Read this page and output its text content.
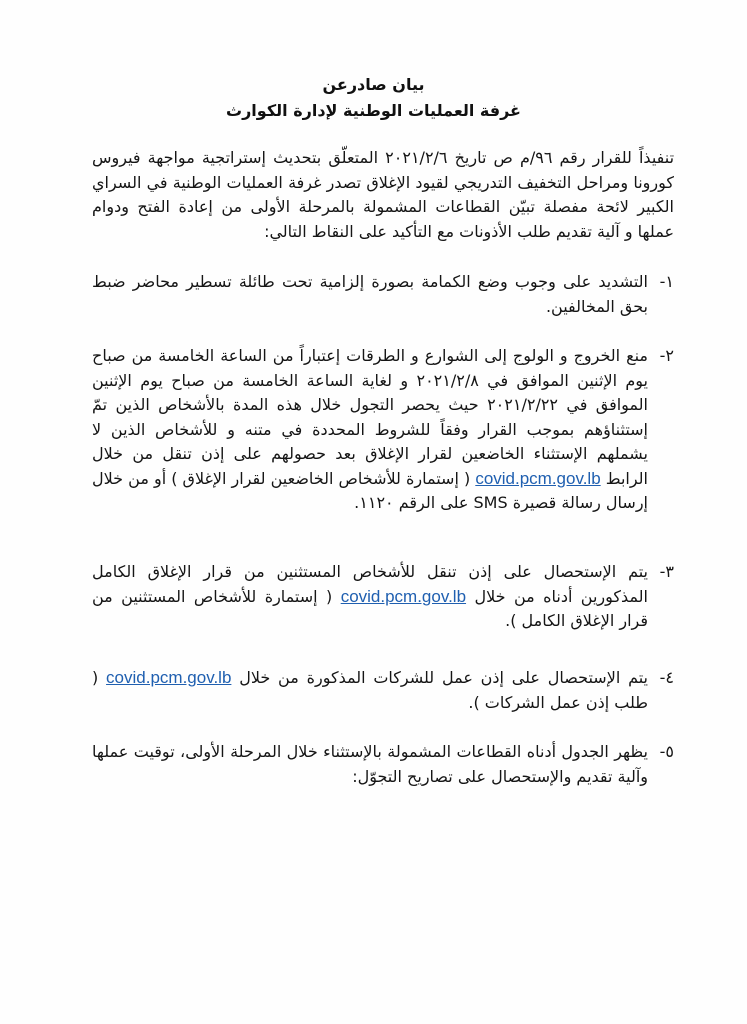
بيان صادرعن
غرفة العمليات الوطنية لإدارة الكوارث
تنفيذاً للقرار رقم ٩٦/م ص تاريخ ٢٠٢١/٢/٦ المتعلّق بتحديث إستراتجية مواجهة فيروس كورونا ومراحل التخفيف التدريجي لقيود الإغلاق تصدر غرفة العمليات الوطنية في السراي الكبير لائحة مفصلة تبيّن القطاعات المشمولة بالمرحلة الأولى من إعادة الفتح ودوام عملها و آلية تقديم طلب الأذونات مع التأكيد على النقاط التالي:
١-
التشديد على وجوب وضع الكمامة بصورة إلزامية تحت طائلة تسطير محاضر ضبط بحق المخالفين.
٢-
منع الخروج و الولوج إلى الشوارع و الطرقات إعتباراً من الساعة الخامسة من صباح يوم الإثنين الموافق في ٢٠٢١/٢/٨ و لغاية الساعة الخامسة من صباح يوم الإثنين الموافق في ٢٠٢١/٢/٢٢ حيث يحصر التجول خلال هذه المدة بالأشخاص الذين تمّ إستثناؤهم بموجب القرار وفقاً للشروط المحددة في متنه و للأشخاص الذين لا يشملهم الإستثناء الخاضعين لقرار الإغلاق بعد حصولهم على إذن تنقل من خلال الرابط covid.pcm.gov.lb ( إستمارة للأشخاص الخاضعين لقرار الإغلاق ) أو من خلال إرسال رسالة قصيرة SMS على الرقم ١١٢٠.
٣-
يتم الإستحصال على إذن تنقل للأشخاص المستثنين من قرار الإغلاق الكامل المذكورين أدناه من خلال covid.pcm.gov.lb ( إستمارة للأشخاص المستثنين من قرار الإغلاق الكامل ).
٤-
يتم الإستحصال على إذن عمل للشركات المذكورة من خلال covid.pcm.gov.lb ( طلب إذن عمل الشركات ).
٥-
يظهر الجدول أدناه القطاعات المشمولة بالإستثناء خلال المرحلة الأولى، توقيت عملها وآلية تقديم والإستحصال على تصاريح التجوّل:
